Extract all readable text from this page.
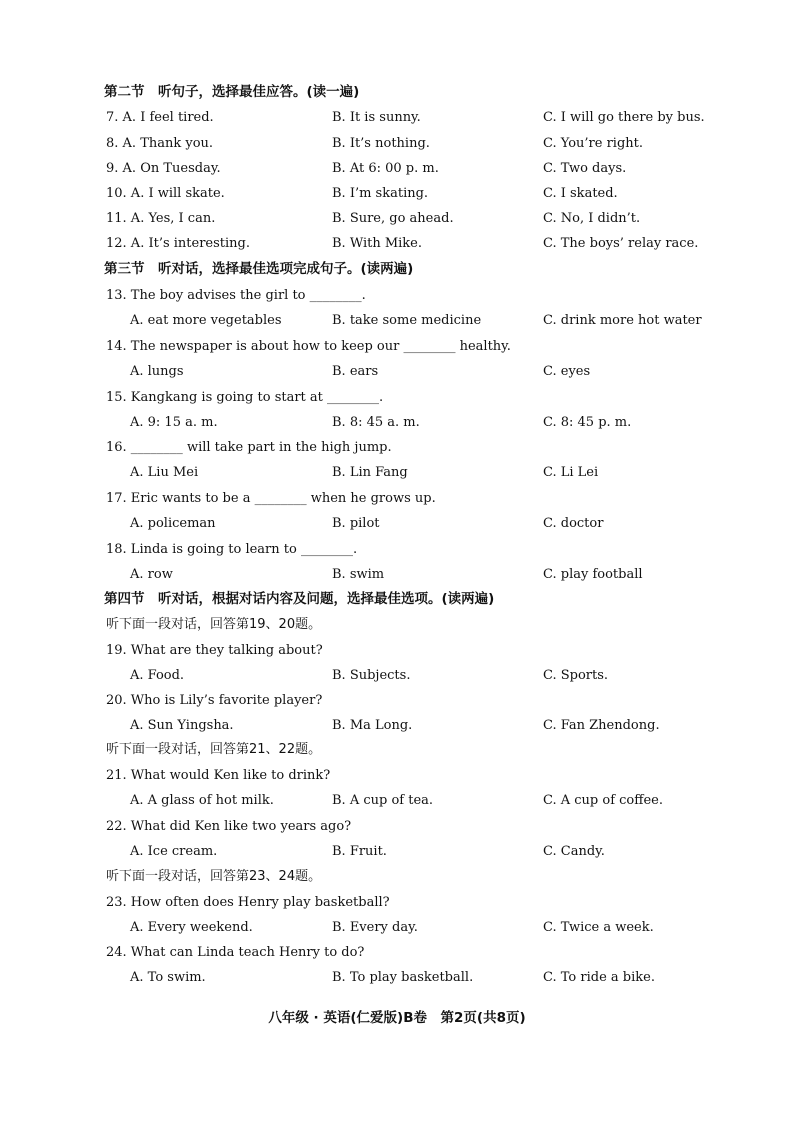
第二节　听句子，选择最佳应答。(读一遍)
7. A. I feel tired.	B. It is sunny.	C. I will go there by bus.
8. A. Thank you.	B. It’s nothing.	C. You’re right.
9. A. On Tuesday.	B. At 6: 00 p. m.	C. Two days.
10. A. I will skate.	B. I’m skating.	C. I skated.
11. A. Yes, I can.	B. Sure, go ahead.	C. No, I didn’t.
12. A. It’s interesting.	B. With Mike.	C. The boys’ relay race.
第三节　听对话，选择最佳选项完成句子。(读两遍)
13. The boy advises the girl to ________.
A. eat more vegetables	B. take some medicine	C. drink more hot water
14. The newspaper is about how to keep our ________ healthy.
A. lungs	B. ears	C. eyes
15. Kangkang is going to start at ________.
A. 9: 15 a. m.	B. 8: 45 a. m.	C. 8: 45 p. m.
16. ________ will take part in the high jump.
A. Liu Mei	B. Lin Fang	C. Li Lei
17. Eric wants to be a ________ when he grows up.
A. policeman	B. pilot	C. doctor
18. Linda is going to learn to ________.
A. row	B. swim	C. play football
第四节　听对话，根据对话内容及问题，选择最佳选项。(读两遍)
听下面一段对话，回答第19、20题。
19. What are they talking about?
A. Food.	B. Subjects.	C. Sports.
20. Who is Lily’s favorite player?
A. Sun Yingsha.	B. Ma Long.	C. Fan Zhendong.
听下面一段对话，回答第21、22题。
21. What would Ken like to drink?
A. A glass of hot milk.	B. A cup of tea.	C. A cup of coffee.
22. What did Ken like two years ago?
A. Ice cream.	B. Fruit.	C. Candy.
听下面一段对话，回答第23、24题。
23. How often does Henry play basketball?
A. Every weekend.	B. Every day.	C. Twice a week.
24. What can Linda teach Henry to do?
A. To swim.	B. To play basketball.	C. To ride a bike.
八年级 · 英语(仁爱版)B卷　第2页(共8页)
